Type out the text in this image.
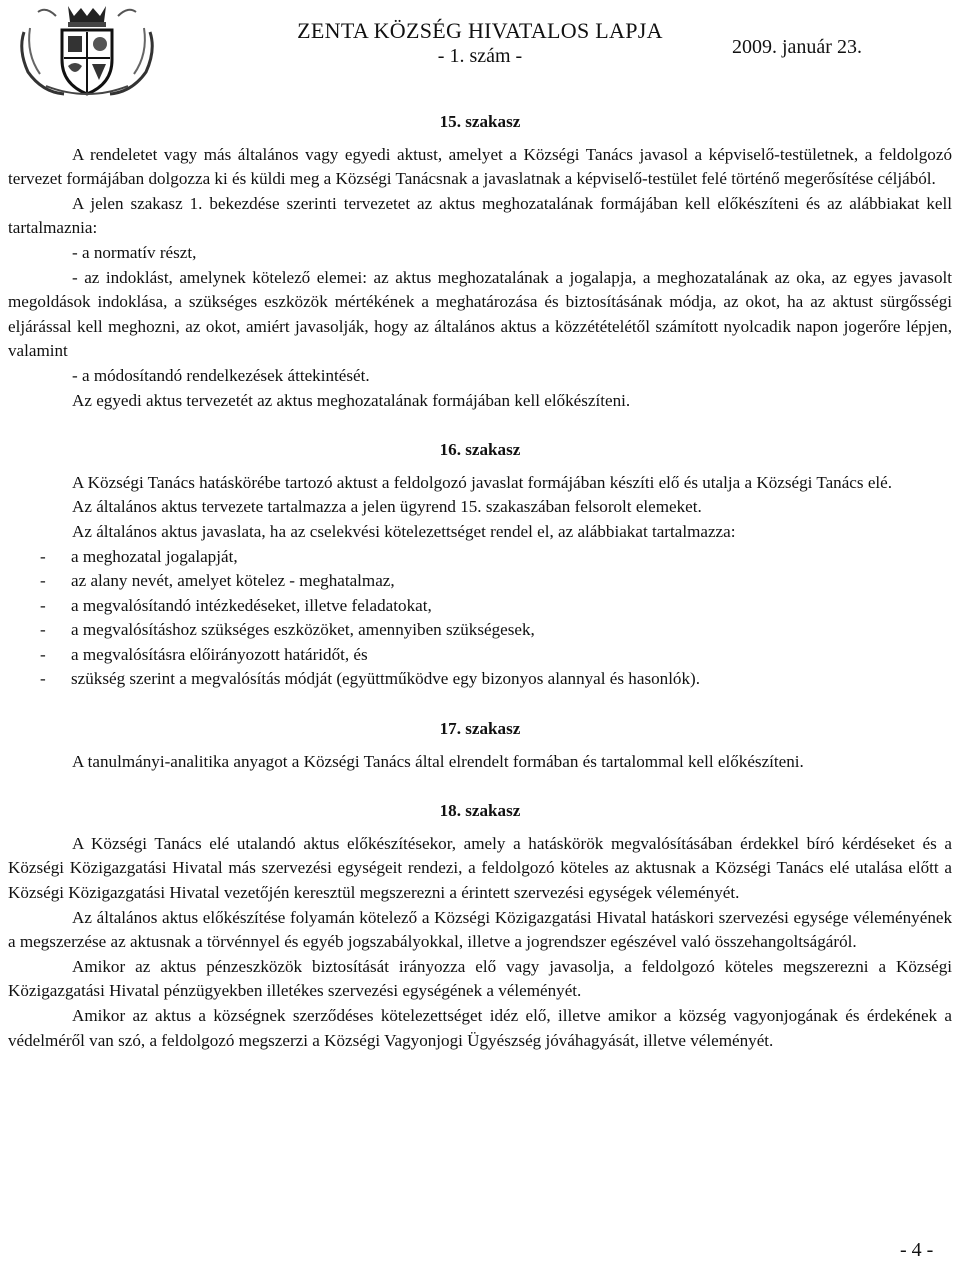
ZENTA KÖZSÉG HIVATALOS LAPJA
- 1. szám -	2009. január 23.
15. szakasz

A rendeletet vagy más általános vagy egyedi aktust, amelyet a Községi Tanács javasol a képviselő-testületnek, a feldolgozó tervezet formájában dolgozza ki és küldi meg a Községi Tanácsnak a javaslatnak a képviselő-testület felé történő megerősítése céljából.

A jelen szakasz 1. bekezdése szerinti tervezetet az aktus meghozatalának formájában kell előkészíteni és az alábbiakat kell tartalmaznia:

- a normatív részt,

- az indoklást, amelynek kötelező elemei: az aktus meghozatalának a jogalapja, a meghozatalának az oka, az egyes javasolt megoldások indoklása, a szükséges eszközök mértékének a meghatározása és biztosításának módja, az okot, ha az aktust sürgősségi eljárással kell meghozni, az okot, amiért javasolják, hogy az általános aktus a közzétételétől számított nyolcadik napon jogerőre lépjen, valamint

- a módosítandó rendelkezések áttekintését.

Az egyedi aktus tervezetét az aktus meghozatalának formájában kell előkészíteni.

16. szakasz

A Községi Tanács hatáskörébe tartozó aktust a feldolgozó javaslat formájában készíti elő és utalja a Községi Tanács elé.

Az általános aktus tervezete tartalmazza a jelen ügyrend 15. szakaszában felsorolt elemeket.

Az általános aktus javaslata, ha az cselekvési kötelezettséget rendel el, az alábbiakat tartalmazza:

- a meghozatal jogalapját,
- az alany nevét, amelyet kötelez - meghatalmaz,
- a megvalósítandó intézkedéseket, illetve feladatokat,
- a megvalósításhoz szükséges eszközöket, amennyiben szükségesek,
- a megvalósításra előirányozott határidőt, és
- szükség szerint a megvalósítás módját (együttműködve egy bizonyos alannyal és hasonlók).
17. szakasz

A tanulmányi-analitika anyagot a Községi Tanács által elrendelt formában és tartalommal kell előkészíteni.

18. szakasz

A Községi Tanács elé utalandó aktus előkészítésekor, amely a hatáskörök megvalósításában érdekkel bíró kérdéseket és a Községi Közigazgatási Hivatal más szervezési egységeit rendezi, a feldolgozó köteles az aktusnak a Községi Tanács elé utalása előtt a Községi Közigazgatási Hivatal vezetőjén keresztül megszerezni a érintett szervezési egységek véleményét.

Az általános aktus előkészítése folyamán kötelező a Községi Közigazgatási Hivatal hatáskori szervezési egysége véleményének a megszerzése az aktusnak a törvénnyel és egyéb jogszabályokkal, illetve a jogrendszer egészével való összehangoltságáról.

Amikor az aktus pénzeszközök biztosítását irányozza elő vagy javasolja, a feldolgozó köteles megszerezni a Községi Közigazgatási Hivatal pénzügyekben illetékes szervezési egységének a véleményét.

Amikor az aktus a községnek szerződéses kötelezettséget idéz elő, illetve amikor a község vagyonjogának és érdekének a védelméről van szó, a feldolgozó megszerzi a Községi Vagyonjogi Ügyészség jóváhagyását, illetve véleményét.

- 4 -
